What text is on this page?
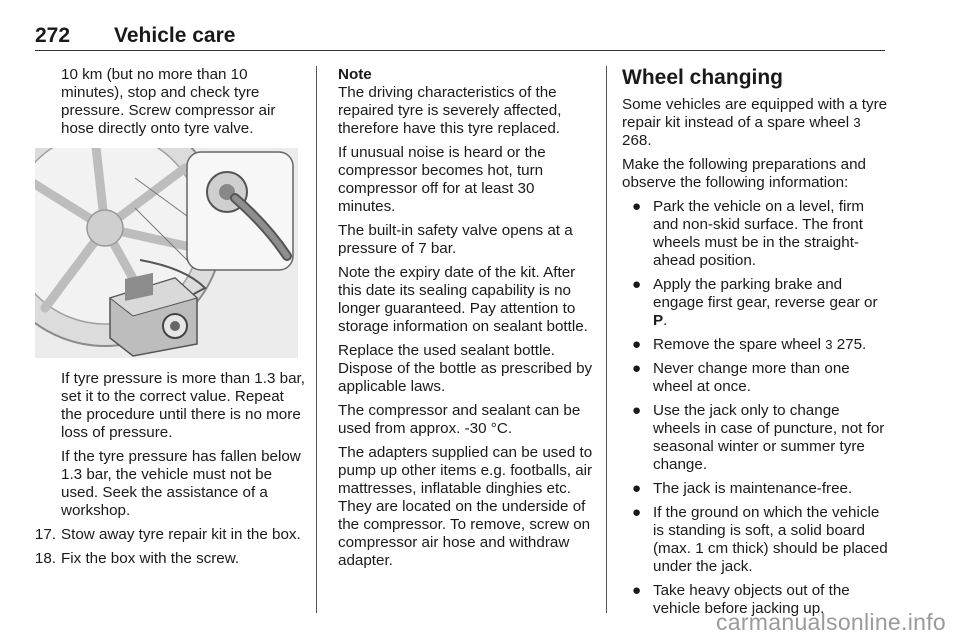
272 Vehicle care

10 km (but no more than 10 minutes), stop and check tyre pressure. Screw compressor air hose directly onto tyre valve.

If tyre pressure is more than 1.3 bar, set it to the correct value. Repeat the procedure until there is no more loss of pressure.

If the tyre pressure has fallen below 1.3 bar, the vehicle must not be used. Seek the assistance of a workshop.

17. Stow away tyre repair kit in the box.
18. Fix the box with the screw.

Note
The driving characteristics of the repaired tyre is severely affected, therefore have this tyre replaced.

If unusual noise is heard or the compressor becomes hot, turn compressor off for at least 30 minutes.

The built-in safety valve opens at a pressure of 7 bar.

Note the expiry date of the kit. After this date its sealing capability is no longer guaranteed. Pay attention to storage information on sealant bottle.

Replace the used sealant bottle. Dispose of the bottle as prescribed by applicable laws.

The compressor and sealant can be used from approx. -30 °C.

The adapters supplied can be used to pump up other items e.g. footballs, air mattresses, inflatable dinghies etc. They are located on the underside of the compressor. To remove, screw on compressor air hose and withdraw adapter.

Wheel changing

Some vehicles are equipped with a tyre repair kit instead of a spare wheel 3 268.

Make the following preparations and observe the following information:

● Park the vehicle on a level, firm and non-skid surface. The front wheels must be in the straight-ahead position.
● Apply the parking brake and engage first gear, reverse gear or
P.
● Remove the spare wheel 3 275.
● Never change more than one wheel at once.
● Use the jack only to change wheels in case of puncture, not for seasonal winter or summer tyre change.
● The jack is maintenance-free.
● If the ground on which the vehicle is standing is soft, a solid board (max. 1 cm thick) should be placed under the jack.
● Take heavy objects out of the vehicle before jacking up.
carmanualsonline.info
